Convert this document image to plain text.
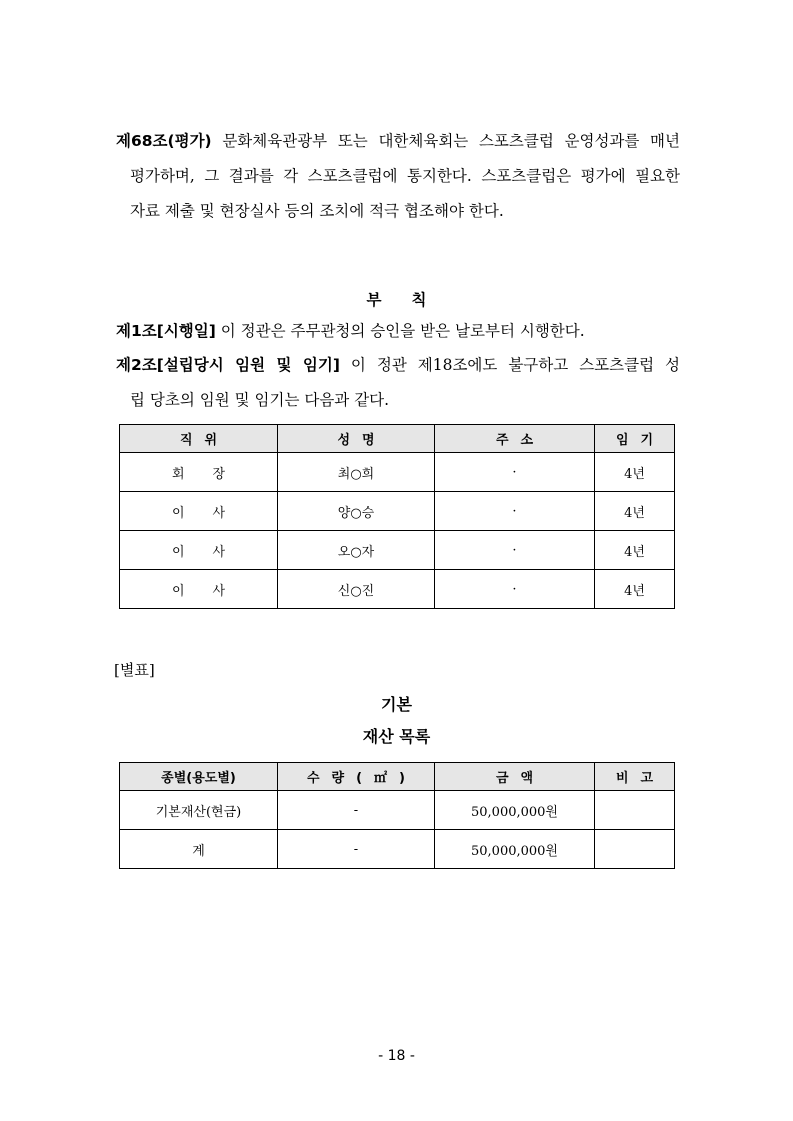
제68조(평가) 문화체육관광부 또는 대한체육회는 스포츠클럽 운영성과를 매년
평가하며, 그 결과를 각 스포츠클럽에 통지한다. 스포츠클럽은 평가에 필요한
자료 제출 및 현장실사 등의 조치에 적극 협조해야 한다.
부칙
제1조[시행일] 이 정관은 주무관청의 승인을 받은 날로부터 시행한다.
제2조[설립당시 임원 및 임기] 이 정관 제18조에도 불구하고 스포츠클럽 성
립 당초의 임원 및 임기는 다음과 같다.
직위	성명	주소	임기
회장	최○희	·	4년
이사	양○승	·	4년
이사	오○자	·	4년
이사	신○진	·	4년
[별표]
기본
재산 목록
종별(용도별)	수량(㎡)	금액	비고
기본재산(현금)	-	50,000,000원	
계	-	50,000,000원	
- 18 -
